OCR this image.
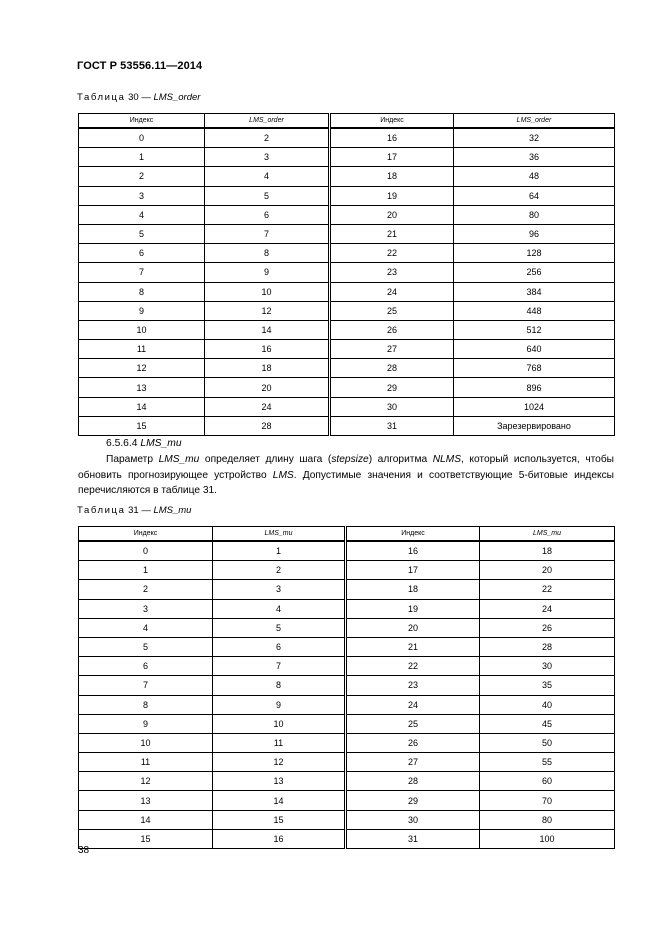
ГОСТ Р 53556.11—2014
Таблица 30 — LMS_order
Индекс	LMS_order	Индекс	LMS_order
0	2	16	32
1	3	17	36
2	4	18	48
3	5	19	64
4	6	20	80
5	7	21	96
6	8	22	128
7	9	23	256
8	10	24	384
9	12	25	448
10	14	26	512
11	16	27	640
12	18	28	768
13	20	29	896
14	24	30	1024
15	28	31	Зарезервировано
6.5.6.4 LMS_mu

Параметр LMS_mu определяет длину шага (stepsize) алгоритма NLMS, который используется, чтобы обновить прогнозирующее устройство LMS. Допустимые значения и соответствующие 5-битовые индексы перечисляются в таблице 31.

Таблица 31 — LMS_mu
Индекс	LMS_mu	Индекс	LMS_mu
0	1	16	18
1	2	17	20
2	3	18	22
3	4	19	24
4	5	20	26
5	6	21	28
6	7	22	30
7	8	23	35
8	9	24	40
9	10	25	45
10	11	26	50
11	12	27	55
12	13	28	60
13	14	29	70
14	15	30	80
15	16	31	100
38
